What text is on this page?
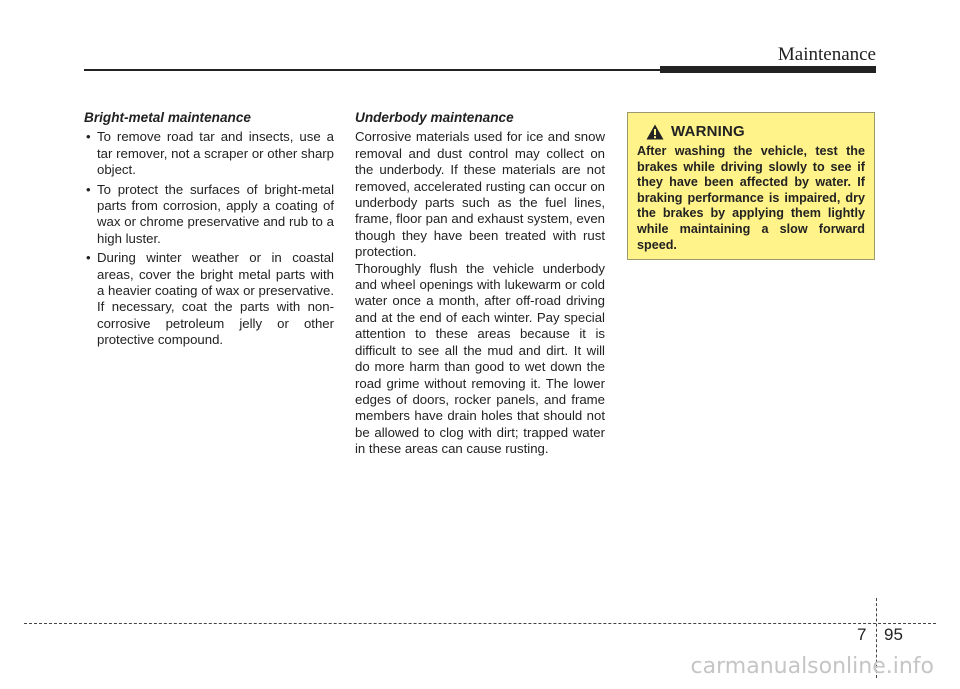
Maintenance
Bright-metal maintenance
• To remove road tar and insects, use a tar remover, not a scraper or other sharp object.
• To protect the surfaces of bright-metal parts from corrosion, apply a coating of wax or chrome preservative and rub to a high luster.
• During winter weather or in coastal areas, cover the bright metal parts with a heavier coating of wax or preservative. If necessary, coat the parts with non-corrosive petroleum jelly or other protective compound.
Underbody maintenance

Corrosive materials used for ice and snow removal and dust control may collect on the underbody. If these materials are not removed, accelerated rusting can occur on underbody parts such as the fuel lines, frame, floor pan and exhaust system, even though they have been treated with rust protection.

Thoroughly flush the vehicle underbody and wheel openings with lukewarm or cold water once a month, after off-road driving and at the end of each winter. Pay special attention to these areas because it is difficult to see all the mud and dirt. It will do more harm than good to wet down the road grime without removing it. The lower edges of doors, rocker panels, and frame members have drain holes that should not be allowed to clog with dirt; trapped water in these areas can cause rusting.

WARNING

After washing the vehicle, test the brakes while driving slowly to see if they have been affected by water. If braking performance is impaired, dry the brakes by applying them lightly while maintaining a slow forward speed.

7 95
carmanualsonline.info
